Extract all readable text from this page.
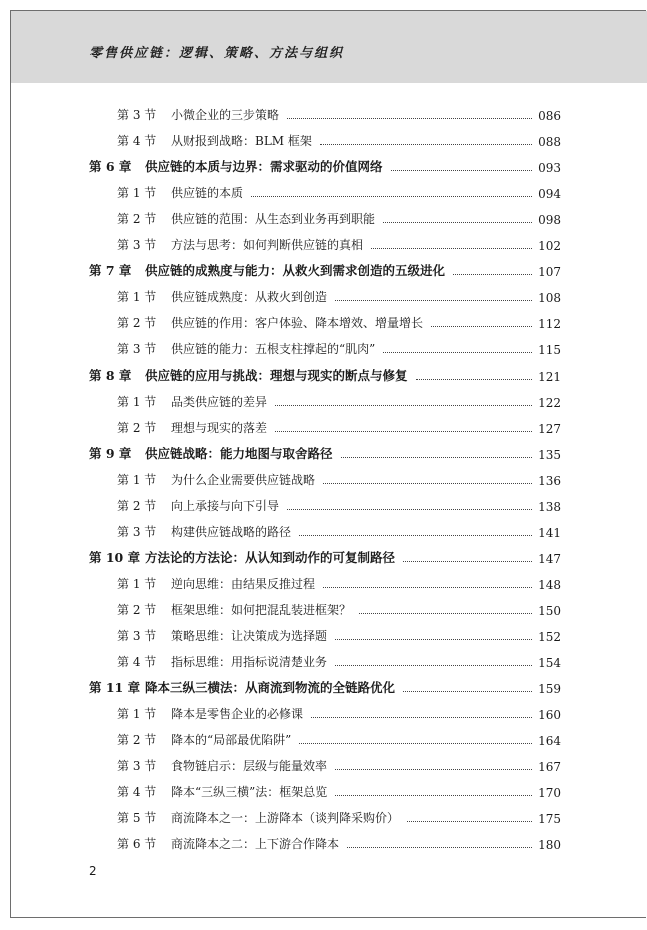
零售供应链：逻辑、策略、方法与组织
第 3 节	小微企业的三步策略	086
第 4 节	从财报到战略：BLM 框架	088
第 6 章	供应链的本质与边界：需求驱动的价值网络	093
第 1 节	供应链的本质	094
第 2 节	供应链的范围：从生态到业务再到职能	098
第 3 节	方法与思考：如何判断供应链的真相	102
第 7 章	供应链的成熟度与能力：从救火到需求创造的五级进化	107
第 1 节	供应链成熟度：从救火到创造	108
第 2 节	供应链的作用：客户体验、降本增效、增量增长	112
第 3 节	供应链的能力：五根支柱撑起的“肌肉”	115
第 8 章	供应链的应用与挑战：理想与现实的断点与修复	121
第 1 节	品类供应链的差异	122
第 2 节	理想与现实的落差	127
第 9 章	供应链战略：能力地图与取舍路径	135
第 1 节	为什么企业需要供应链战略	136
第 2 节	向上承接与向下引导	138
第 3 节	构建供应链战略的路径	141
第 10 章 方法论的方法论：从认知到动作的可复制路径	147
第 1 节	逆向思维：由结果反推过程	148
第 2 节	框架思维：如何把混乱装进框架？	150
第 3 节	策略思维：让决策成为选择题	152
第 4 节	指标思维：用指标说清楚业务	154
第 11 章 降本三纵三横法：从商流到物流的全链路优化	159
第 1 节	降本是零售企业的必修课	160
第 2 节	降本的“局部最优陷阱”	164
第 3 节	食物链启示：层级与能量效率	167
第 4 节	降本“三纵三横”法：框架总览	170
第 5 节	商流降本之一：上游降本（谈判降采购价）	175
第 6 节	商流降本之二：上下游合作降本	180
2
